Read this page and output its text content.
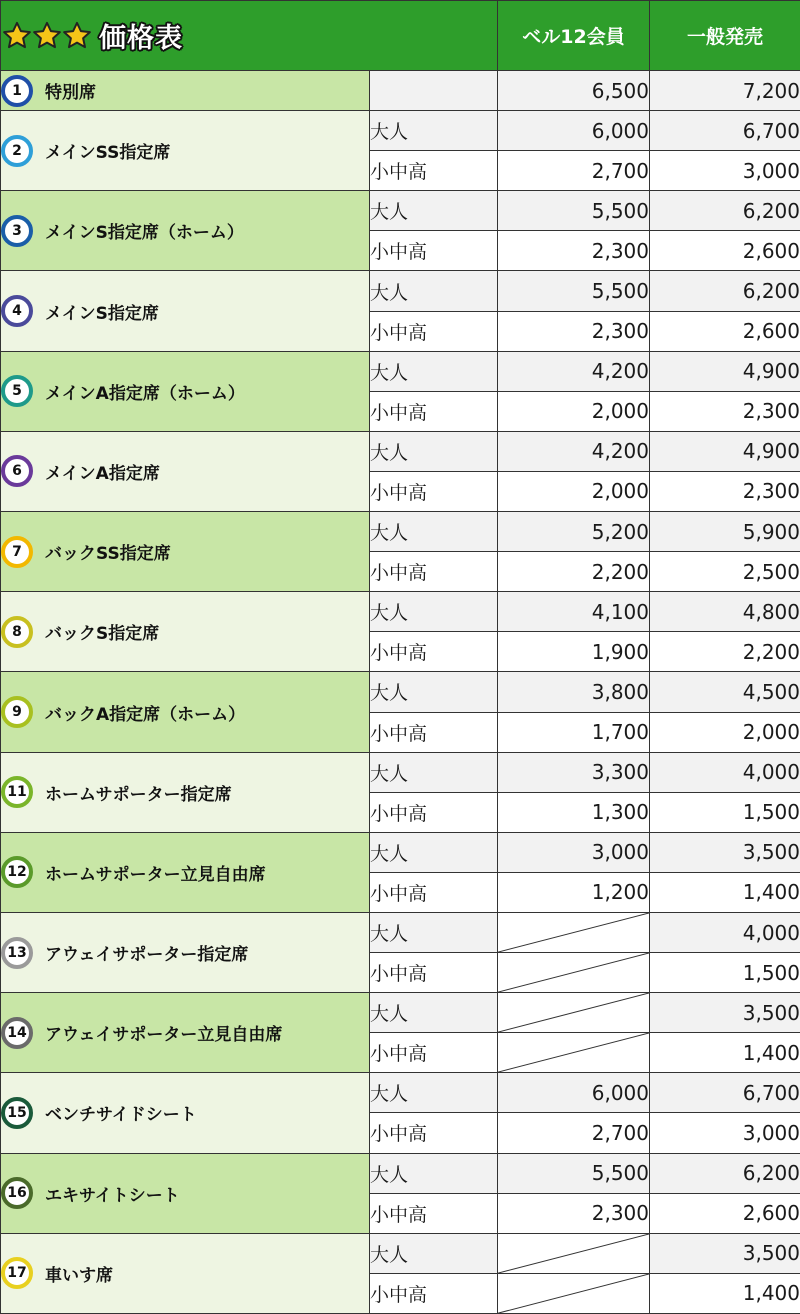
価格表		ベル12会員	一般発売

1 特別席		6,500	7,200

2 メインSS指定席	大人	6,000	6,700
	小中高	2,700	3,000

3 メインS指定席（ホーム）	大人	5,500	6,200
	小中高	2,300	2,600

4 メインS指定席	大人	5,500	6,200
	小中高	2,300	2,600

5 メインA指定席（ホーム）	大人	4,200	4,900
	小中高	2,000	2,300

6 メインA指定席	大人	4,200	4,900
	小中高	2,000	2,300

7 バックSS指定席	大人	5,200	5,900
	小中高	2,200	2,500

8 バックS指定席	大人	4,100	4,800
	小中高	1,900	2,200

9 バックA指定席（ホーム）	大人	3,800	4,500
	小中高	1,700	2,000

11 ホームサポーター指定席	大人	3,300	4,000
	小中高	1,300	1,500

12 ホームサポーター立見自由席	大人	3,000	3,500
	小中高	1,200	1,400

13 アウェイサポーター指定席	大人		4,000
	小中高		1,500

14 アウェイサポーター立見自由席	大人		3,500
	小中高		1,400

15 ベンチサイドシート	大人	6,000	6,700
	小中高	2,700	3,000

16 エキサイトシート	大人	5,500	6,200
	小中高	2,300	2,600

17 車いす席	大人		3,500
	小中高		1,400
